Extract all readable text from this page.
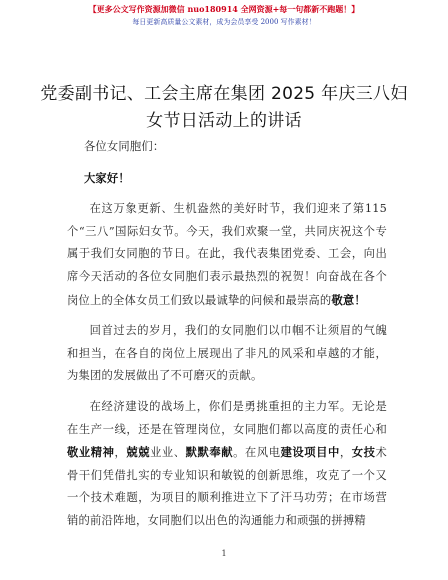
【更多公文写作资源加微信 nuo180914 全网资源+每一句都新不跑题！】
每日更新高质量公文素材，成为会员享受 2000 写作素材！
党委副书记、工会主席在集团 2025 年庆三八妇
女节日活动上的讲话

各位女同胞们：

大家好！

在这万象更新、生机盎然的美好时节，我们迎来了第115个“三八”国际妇女节。今天，我们欢聚一堂，共同庆祝这个专属于我们女同胞的节日。在此，我代表集团党委、工会，向出席今天活动的各位女同胞们表示最热烈的祝贺！向奋战在各个岗位上的全体女员工们致以最诚挚的问候和最崇高的敬意！

回首过去的岁月，我们的女同胞们以巾帼不让须眉的气魄和担当，在各自的岗位上展现出了非凡的风采和卓越的才能，为集团的发展做出了不可磨灭的贡献。

在经济建设的战场上，你们是勇挑重担的主力军。无论是在生产一线，还是在管理岗位，女同胞们都以高度的责任心和敬业精神，兢兢业业、默默奉献。在风电建设项目中，女技术骨干们凭借扎实的专业知识和敏锐的创新思维，攻克了一个又一个技术难题，为项目的顺利推进立下了汗马功劳；在市场营销的前沿阵地，女同胞们以出色的沟通能力和顽强的拼搏精

1
